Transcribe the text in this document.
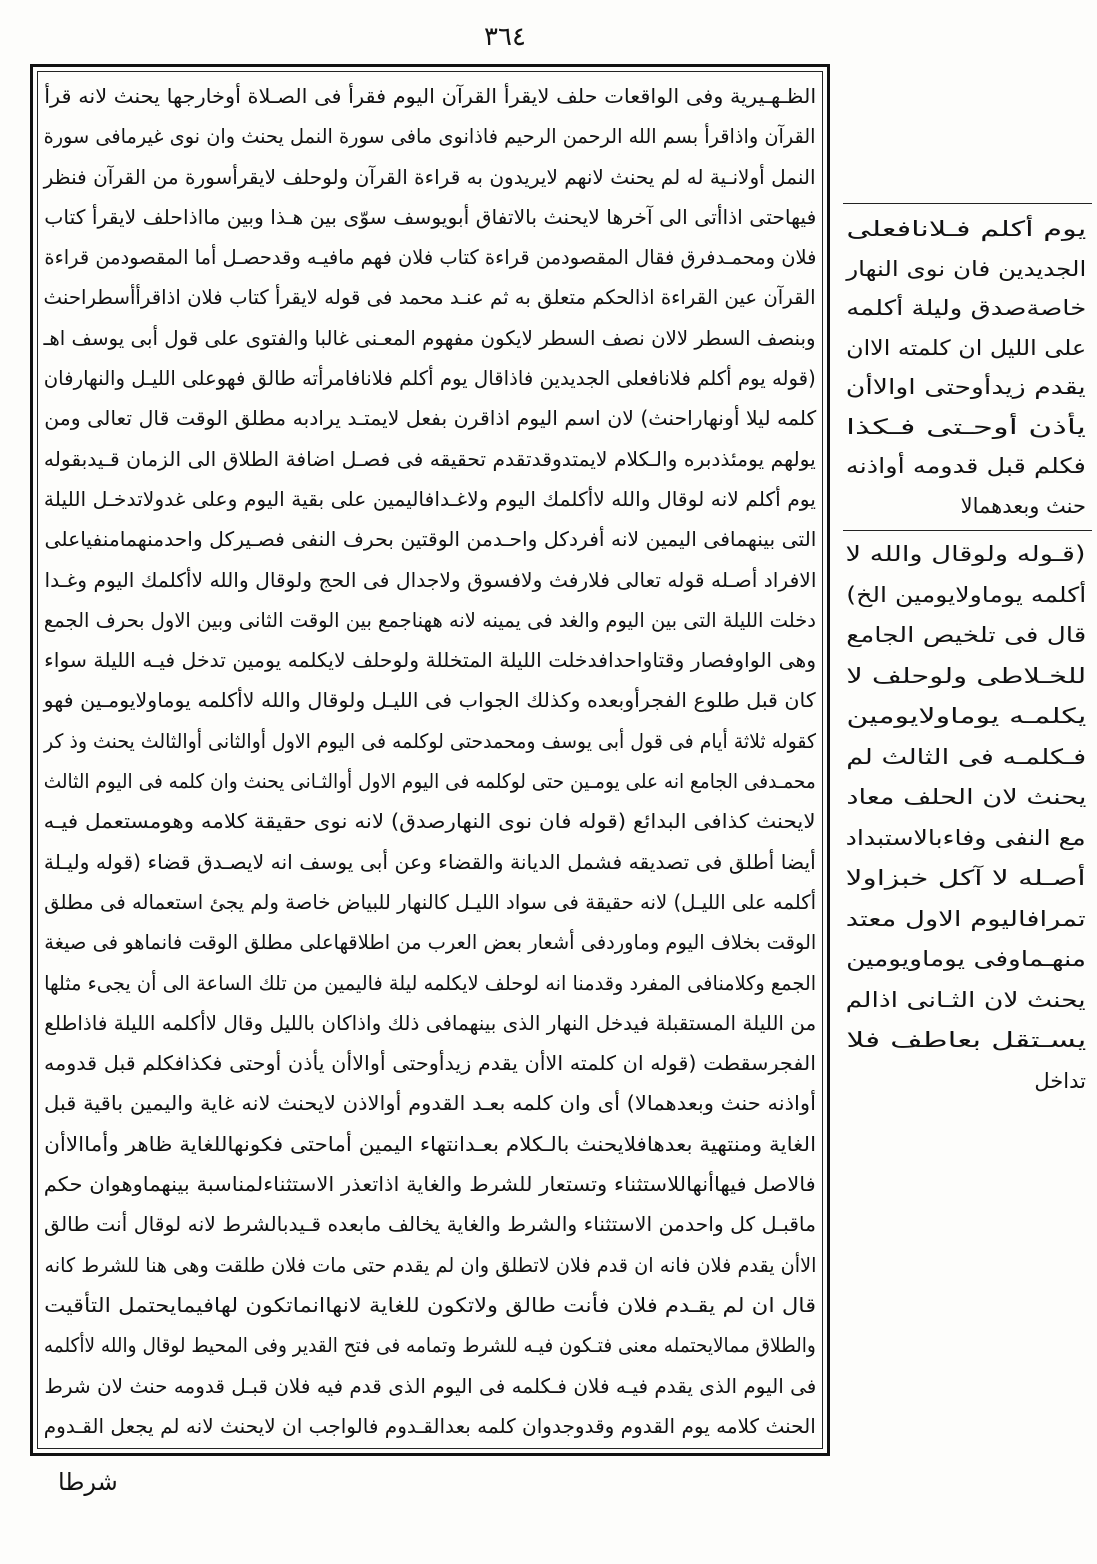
٣٦٤
الظـهـيرية وفى الواقعات حلف لايقرأ القرآن اليوم فقرأ فى الصـلاة أوخارجها يحنث لانه قرأ
القرآن واذاقرأ بسم الله الرحمن الرحيم فاذانوى مافى سورة النمل يحنث وان نوى غيرمافى سورة
النمل أولانـية له لم يحنث لانهم لايريدون به قراءة القرآن ولوحلف لايقرأسورة من القرآن فنظر
فيهاحتى اذاأتى الى آخرها لايحنث بالاتفاق أبويوسف سوّى بين هـذا وبين مااذاحلف لايقرأ كتاب
فلان ومحمـدفرق فقال المقصودمن قراءة كتاب فلان فهم مافيـه وقدحصـل أما المقصودمن قراءة
القرآن عين القراءة اذالحكم متعلق به ثم عنـد محمد فى قوله لايقرأ كتاب فلان اذاقرأأسطراحنث
وبنصف السطر لالان نصف السطر لايكون مفهوم المعـنى غالبا والفتوى على قول أبى يوسف اهـ
(قوله يوم أكلم فلانافعلى الجديدين فاذاقال يوم أكلم فلانافامرأته طالق فهوعلى الليـل والنهارفان
كلمه ليلا أونهاراحنث) لان اسم اليوم اذاقرن بفعل لايمتـد يرادبه مطلق الوقت قال تعالى ومن
يولهم يومئذدبره والـكلام لايمتدوقدتقدم تحقيقه فى فصـل اضافة الطلاق الى الزمان قـيدبقوله
يوم أكلم لانه لوقال والله لاأكلمك اليوم ولاغـدافاليمين على بقية اليوم وعلى غدولاتدخـل الليلة
التى بينهمافى اليمين لانه أفردكل واحـدمن الوقتين بحرف النفى فصـيركل واحدمنهمامنفياعلى
الافراد أصـله قوله تعالى فلارفث ولافسوق ولاجدال فى الحج ولوقال والله لاأكلمك اليوم وغـدا
دخلت الليلة التى بين اليوم والغد فى يمينه لانه ههناجمع بين الوقت الثانى وبين الاول بحرف الجمع
وهى الواوفصار وقتاواحدافدخلت الليلة المتخللة ولوحلف لايكلمه يومين تدخل فيـه الليلة سواء
كان قبل طلوع الفجرأوبعده وكذلك الجواب فى الليـل ولوقال والله لاأكلمه يوماولايومـين فهو
كقوله ثلاثة أيام فى قول أبى يوسف ومحمدحتى لوكلمه فى اليوم الاول أوالثانى أوالثالث يحنث وذ كر
محمـدفى الجامع انه على يومـين حتى لوكلمه فى اليوم الاول أوالثـانى يحنث وان كلمه فى اليوم الثالث
لايحنث كذافى البدائع (قوله فان نوى النهارصدق) لانه نوى حقيقة كلامه وهومستعمل فيـه
أيضا أطلق فى تصديقه فشمل الديانة والقضاء وعن أبى يوسف انه لايصـدق قضاء (قوله وليـلة
أكلمه على الليـل) لانه حقيقة فى سواد الليـل كالنهار للبياض خاصة ولم يجئ استعماله فى مطلق
الوقت بخلاف اليوم وماوردفى أشعار بعض العرب من اطلاقهاعلى مطلق الوقت فانماهو فى صيغة
الجمع وكلامنافى المفرد وقدمنا انه لوحلف لايكلمه ليلة فاليمين من تلك الساعة الى أن يجىء مثلها
من الليلة المستقبلة فيدخل النهار الذى بينهمافى ذلك واذاكان بالليل وقال لاأكلمه الليلة فاذاطلع
الفجرسقطت (قوله ان كلمته الاأن يقدم زيدأوحتى أوالاأن يأذن أوحتى فكذافكلم قبل قدومه
أواذنه حنث وبعدهمالا) أى وان كلمه بعـد القدوم أوالاذن لايحنث لانه غاية واليمين باقية قبل
الغاية ومنتهية بعدهافلايحنث بالـكلام بعـدانتهاء اليمين أماحتى فكونهاللغاية ظاهر وأماالاأن
فالاصل فيهاأنهاللاستثناء وتستعار للشرط والغاية اذاتعذر الاستثناءلمناسبة بينهماوهوان حكم
ماقبـل كل واحدمن الاستثناء والشرط والغاية يخالف مابعده قـيدبالشرط لانه لوقال أنت طالق
الاأن يقدم فلان فانه ان قدم فلان لاتطلق وان لم يقدم حتى مات فلان طلقت وهى هنا للشرط كانه
قال ان لم يقـدم فلان فأنت طالق ولاتكون للغاية لانهاانماتكون لهافيمايحتمل التأقيت
والطلاق ممالايحتمله معنى فتـكون فيـه للشرط وتمامه فى فتح القدير وفى المحيط لوقال والله لاأكلمه
فى اليوم الذى يقدم فيـه فلان فـكلمه فى اليوم الذى قدم فيه فلان قبـل قدومه حنث لان شرط
الحنث كلامه يوم القدوم وقدوجدوان كلمه بعدالقـدوم فالواجب ان لايحنث لانه لم يجعل القـدوم
يوم أكلم فـلانافعلى
الجديدين فان نوى النهار
خاصةصدق وليلة أكلمه
على الليل ان كلمته الاان
يقدم زيدأوحتى اوالاأن
يأذن أوحـتى فـكذا
فكلم قبل قدومه أواذنه
حنث وبعدهمالا
(قـوله ولوقال والله لا
أكلمه يوماولايومين الخ)
قال فى تلخيص الجامع
للخـلاطى ولوحلف لا
يكلمـه يوماولايومين
فـكلمـه فى الثالث لم
يحنث لان الحلف معاد
مع النفى وفاءبالاستبداد
أصـله لا آكل خبزاولا
تمرافاليوم الاول معتد
منهـماوفى يوماويومين
يحنث لان الثـانى اذالم
يسـتقل بعاطف فلا
تداخل
شرطا
